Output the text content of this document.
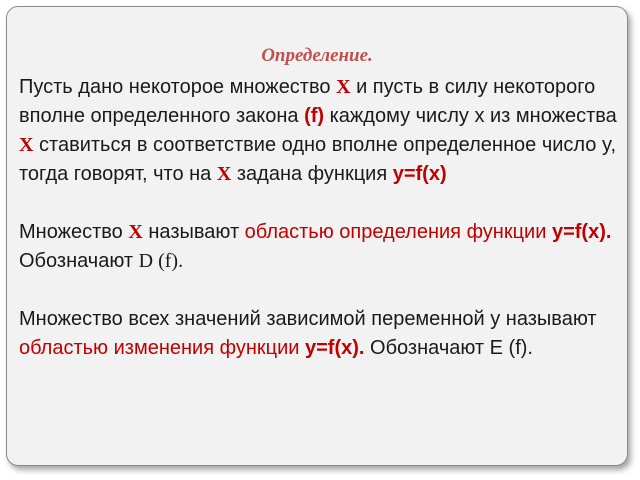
Определение.

Пусть дано некоторое множество X и пусть в силу некоторого вполне определенного закона (f) каждому числу x из множества X ставиться в соответствие одно вполне определенное число y, тогда говорят, что на X задана функция y=f(x)

Множество X называют областью определения функции y=f(x). Обозначают D (f).

Множество всех значений зависимой переменной y называют областью изменения функции y=f(x). Обозначают E (f).
